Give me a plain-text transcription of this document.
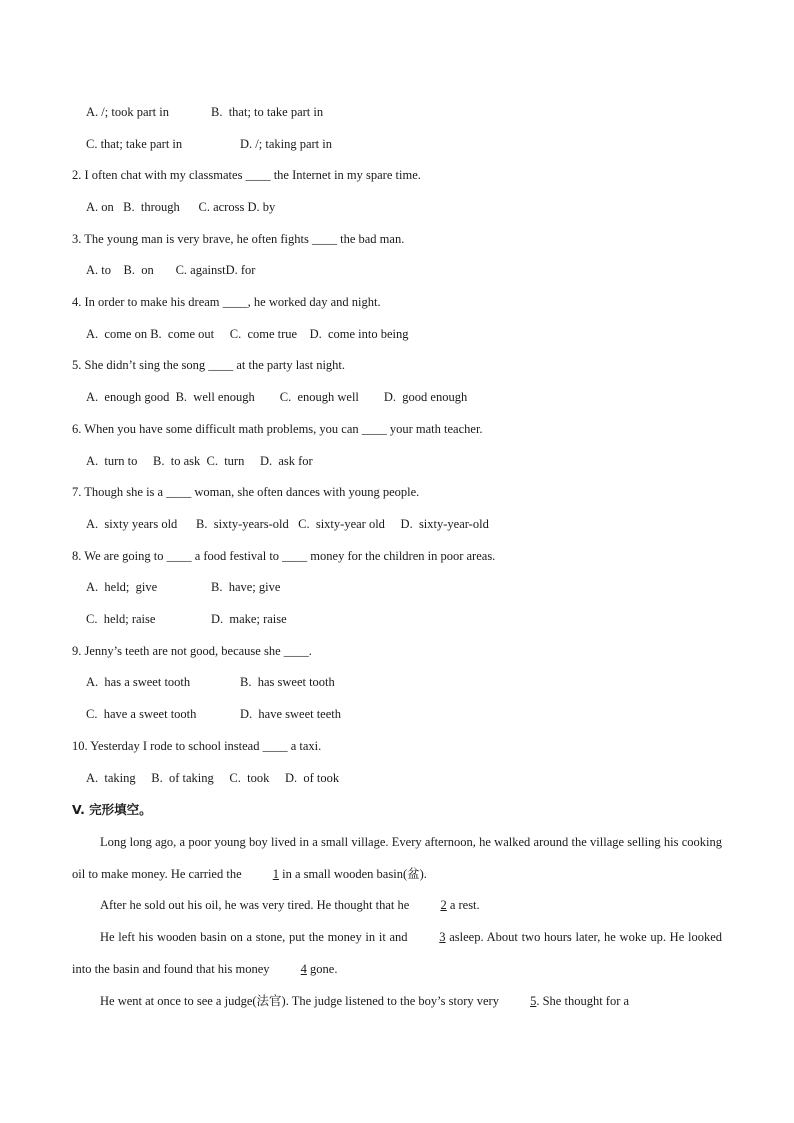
A. /; took part in	B.  that; to take part in
C. that; take part in	D. /; taking part in
2. I often chat with my classmates ____ the Internet in my spare time.
A. on   B.  through      C. across D. by
3. The young man is very brave, he often fights ____ the bad man.
A. to    B.  on       C. againstD. for
4. In order to make his dream ____, he worked day and night.
A.  come on B.  come out     C.  come true    D.  come into being
5. She didn’t sing the song ____ at the party last night.
A.  enough good  B.  well enough        C.  enough well        D.  good enough
6. When you have some difficult math problems, you can ____ your math teacher.
A.  turn to     B.  to ask  C.  turn     D.  ask for
7. Though she is a ____ woman, she often dances with young people.
A.  sixty years old      B.  sixty-years-old   C.  sixty-year old     D.  sixty-year-old
8. We are going to ____ a food festival to ____ money for the children in poor areas.
A.  held;  give	B.  have; give
C.  held; raise	D.  make; raise
9. Jenny’s teeth are not good, because she ____.
A.  has a sweet tooth	B.  has sweet tooth
C.  have a sweet tooth	D.  have sweet teeth
10. Yesterday I rode to school instead ____ a taxi.
A.  taking     B.  of taking     C.  took     D.  of took
V. 完形填空。
Long long ago, a poor young boy lived in a small village. Every afternoon, he walked around the village selling his cooking oil to make money. He carried the 1 in a small wooden basin(盆).
After he sold out his oil, he was very tired. He thought that he 2 a rest.
He left his wooden basin on a stone, put the money in it and 3 asleep. About two hours later, he woke up. He looked into the basin and found that his money 4 gone.
He went at once to see a judge(法官). The judge listened to the boy’s story very 5. She thought for a
